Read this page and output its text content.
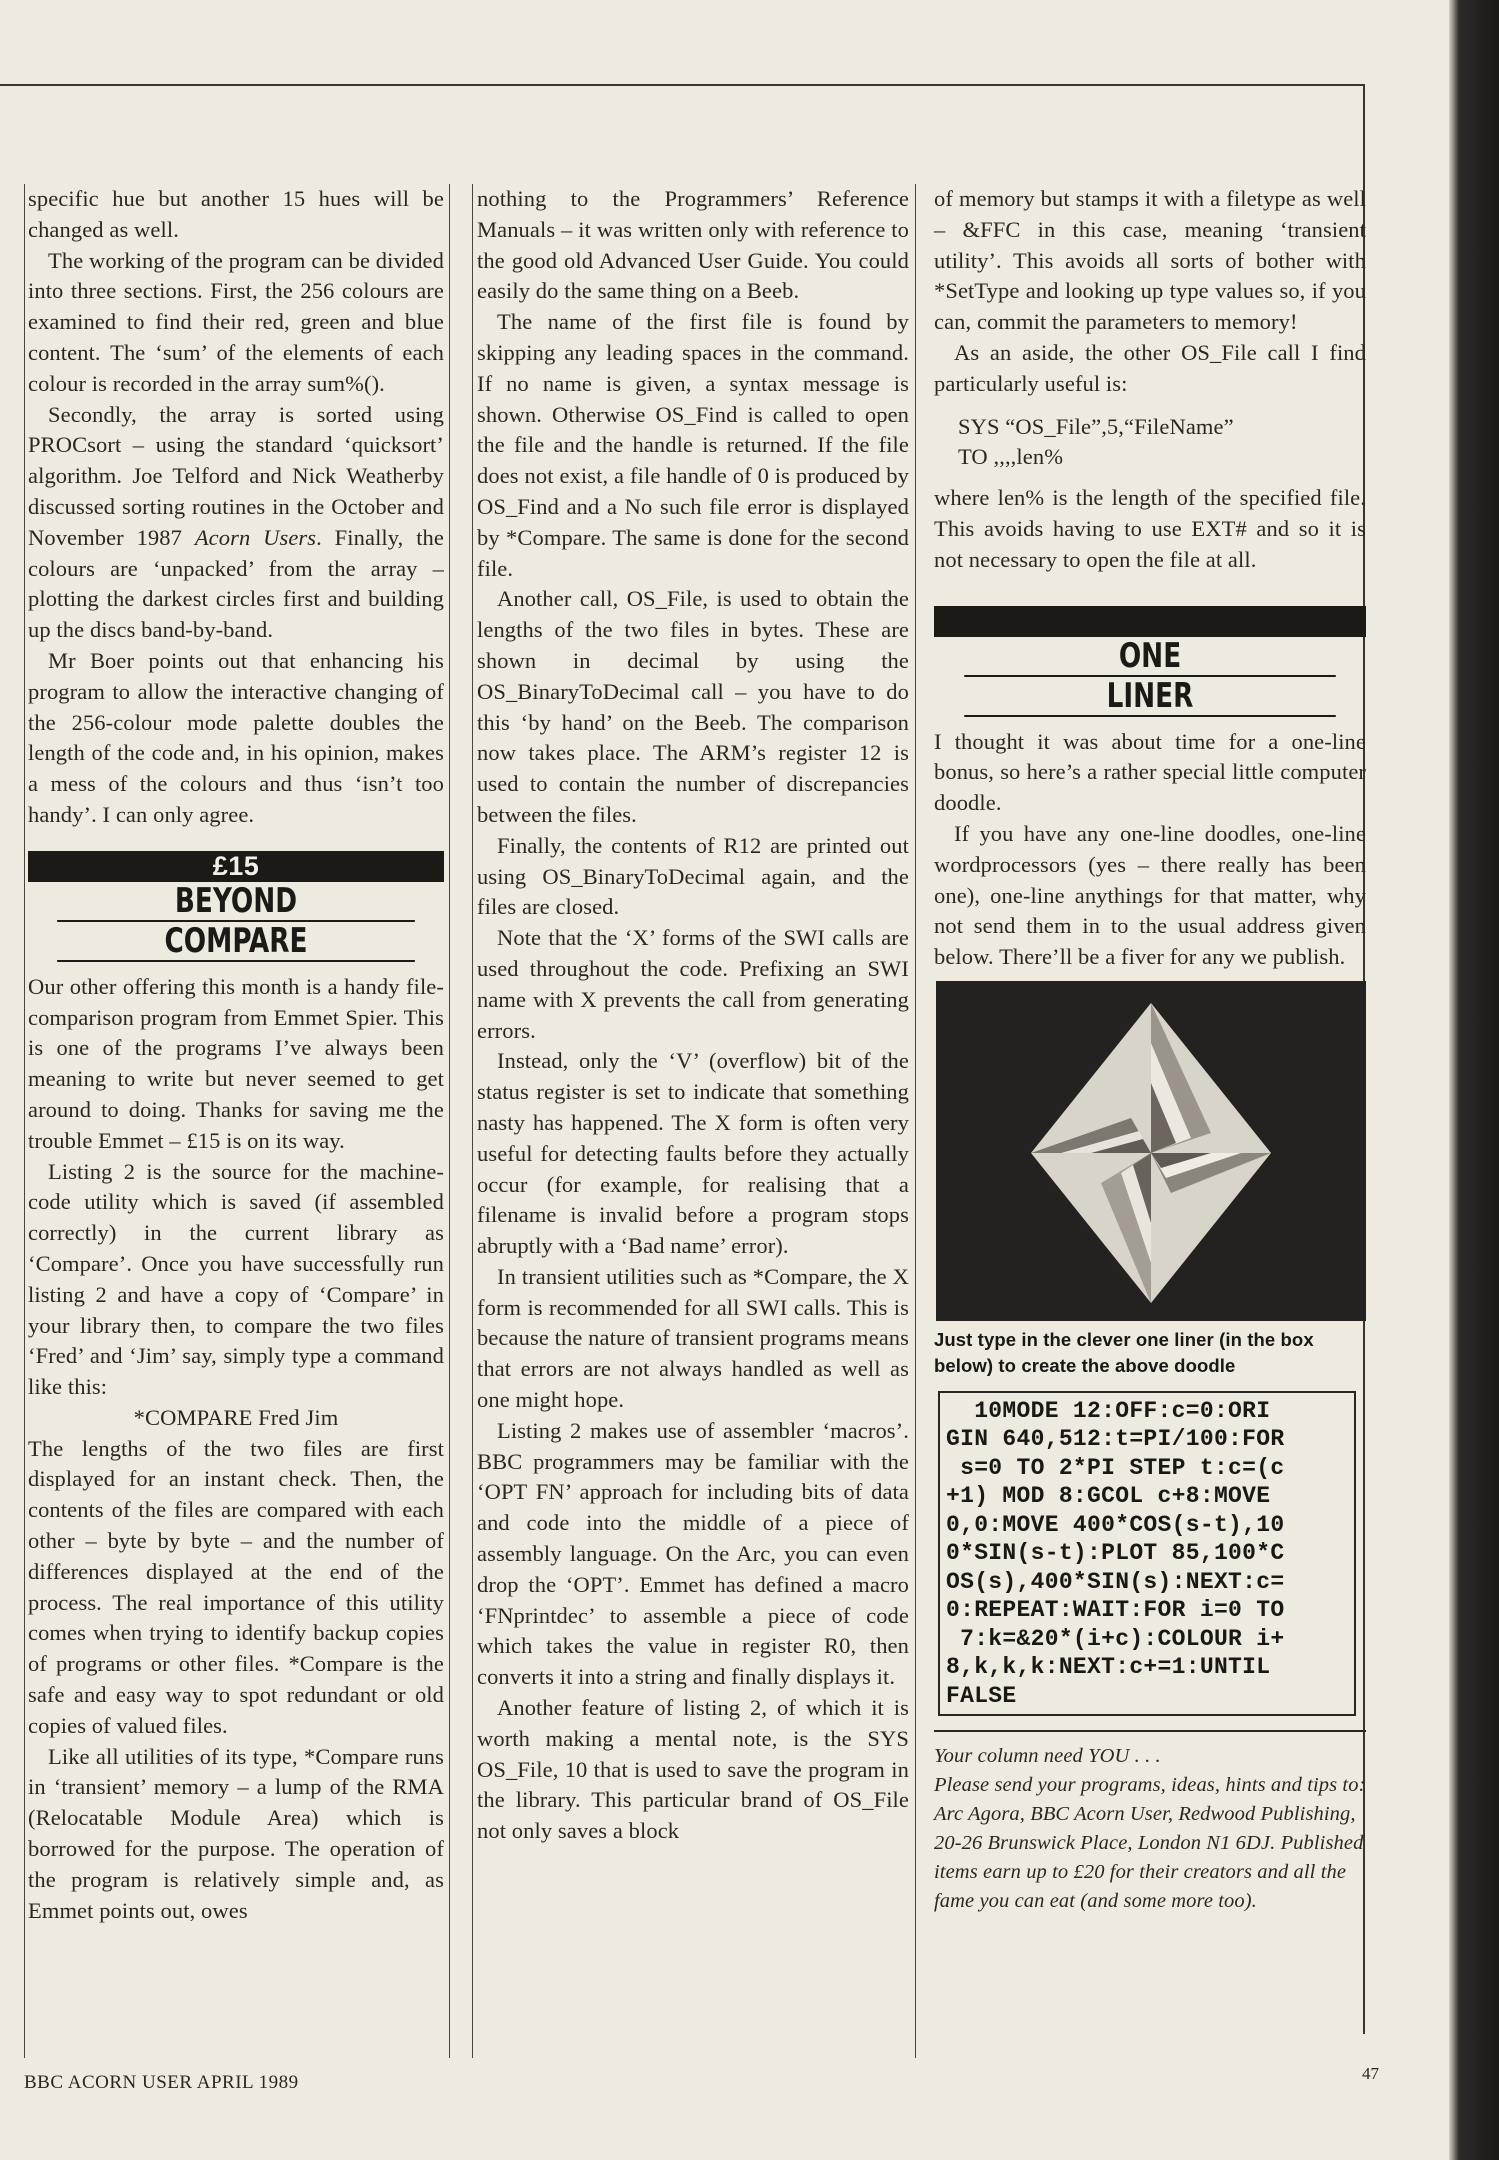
specific hue but another 15 hues will be changed as well.

The working of the program can be divided into three sections. First, the 256 colours are examined to find their red, green and blue content. The ‘sum’ of the elements of each colour is recorded in the array sum%().

Secondly, the array is sorted using PROCsort – using the standard ‘quicksort’ algorithm. Joe Telford and Nick Weatherby discussed sorting routines in the October and November 1987 Acorn Users. Finally, the colours are ‘unpacked’ from the array – plotting the darkest circles first and building up the discs band-by-band.

Mr Boer points out that enhancing his program to allow the interactive changing of the 256-colour mode palette doubles the length of the code and, in his opinion, makes a mess of the colours and thus ‘isn’t too handy’. I can only agree.

£15
BEYOND
COMPARE

Our other offering this month is a handy file-comparison program from Emmet Spier. This is one of the programs I’ve always been meaning to write but never seemed to get around to doing. Thanks for saving me the trouble Emmet – £15 is on its way.

Listing 2 is the source for the machine-code utility which is saved (if assembled correctly) in the current library as ‘Compare’. Once you have successfully run listing 2 and have a copy of ‘Compare’ in your library then, to compare the two files ‘Fred’ and ‘Jim’ say, simply type a command like this:

*COMPARE Fred Jim

The lengths of the two files are first displayed for an instant check. Then, the contents of the files are compared with each other – byte by byte – and the number of differences displayed at the end of the process. The real importance of this utility comes when trying to identify backup copies of programs or other files. *Compare is the safe and easy way to spot redundant or old copies of valued files.

Like all utilities of its type, *Compare runs in ‘transient’ memory – a lump of the RMA (Relocatable Module Area) which is borrowed for the purpose. The operation of the program is relatively simple and, as Emmet points out, owes

nothing to the Programmers’ Reference Manuals – it was written only with reference to the good old Advanced User Guide. You could easily do the same thing on a Beeb.

The name of the first file is found by skipping any leading spaces in the command. If no name is given, a syntax message is shown. Otherwise OS_Find is called to open the file and the handle is returned. If the file does not exist, a file handle of 0 is produced by OS_Find and a No such file error is displayed by *Compare. The same is done for the second file.

Another call, OS_File, is used to obtain the lengths of the two files in bytes. These are shown in decimal by using the OS_BinaryToDecimal call – you have to do this ‘by hand’ on the Beeb. The comparison now takes place. The ARM’s register 12 is used to contain the number of discrepancies between the files.

Finally, the contents of R12 are printed out using OS_BinaryToDecimal again, and the files are closed.

Note that the ‘X’ forms of the SWI calls are used throughout the code. Prefixing an SWI name with X prevents the call from generating errors.

Instead, only the ‘V’ (overflow) bit of the status register is set to indicate that something nasty has happened. The X form is often very useful for detecting faults before they actually occur (for example, for realising that a filename is invalid before a program stops abruptly with a ‘Bad name’ error).

In transient utilities such as *Compare, the X form is recommended for all SWI calls. This is because the nature of transient programs means that errors are not always handled as well as one might hope.

Listing 2 makes use of assembler ‘macros’. BBC programmers may be familiar with the ‘OPT FN’ approach for including bits of data and code into the middle of a piece of assembly language. On the Arc, you can even drop the ‘OPT’. Emmet has defined a macro ‘FNprintdec’ to assemble a piece of code which takes the value in register R0, then converts it into a string and finally displays it.

Another feature of listing 2, of which it is worth making a mental note, is the SYS OS_File, 10 that is used to save the program in the library. This particular brand of OS_File not only saves a block

of memory but stamps it with a filetype as well – &FFC in this case, meaning ‘transient utility’. This avoids all sorts of bother with *SetType and looking up type values so, if you can, commit the parameters to memory!

As an aside, the other OS_File call I find particularly useful is:

SYS “OS_File”,5,“FileName”

TO ,,,,len%

where len% is the length of the specified file. This avoids having to use EXT# and so it is not necessary to open the file at all.

ONE
LINER

I thought it was about time for a one-line bonus, so here’s a rather special little computer doodle.

If you have any one-line doodles, one-line wordprocessors (yes – there really has been one), one-line anythings for that matter, why not send them in to the usual address given below. There’ll be a fiver for any we publish.

Just type in the clever one liner (in the box below) to create the above doodle

10MODE 12:OFF:c=0:ORI
GIN 640,512:t=PI/100:FOR
s=0 TO 2*PI STEP t:c=(c
+1) MOD 8:GCOL c+8:MOVE
0,0:MOVE 400*COS(s-t),10
0*SIN(s-t):PLOT 85,100*C
OS(s),400*SIN(s):NEXT:c=
0:REPEAT:WAIT:FOR i=0 TO
7:k=&20*(i+c):COLOUR i+
8,k,k,k:NEXT:c+=1:UNTIL
FALSE

Your column need YOU . . .

Please send your programs, ideas, hints and tips to: Arc Agora, BBC Acorn User, Redwood Publishing, 20-26 Brunswick Place, London N1 6DJ. Published items earn up to £20 for their creators and all the fame you can eat (and some more too).

BBC ACORN USER APRIL 1989	47
